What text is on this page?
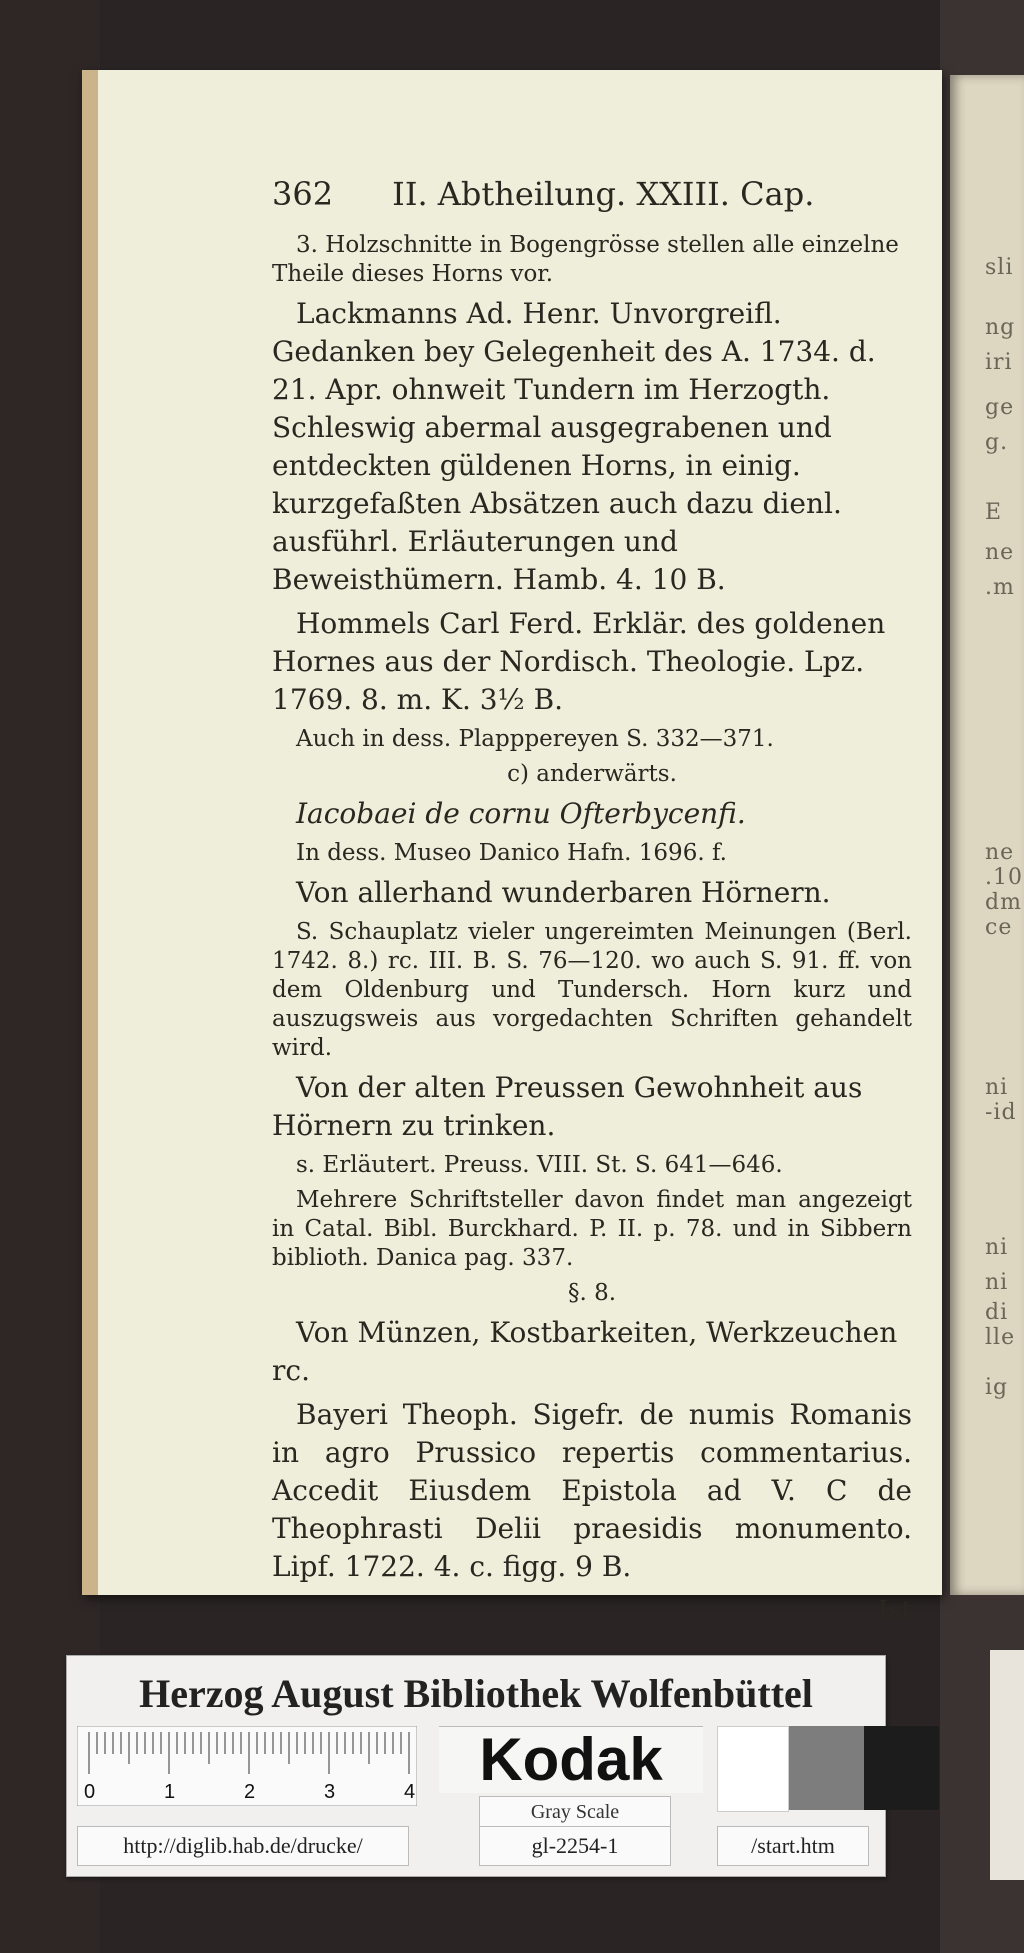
362 II. Abtheilung. XXIII. Cap.

3. Holzschnitte in Bogengrösse stellen alle einzelne Theile dieses Horns vor.

Lackmanns Ad. Henr. Unvorgreifl. Gedanken bey Gelegenheit des A. 1734. d. 21. Apr. ohnweit Tundern im Herzogth. Schleswig abermal ausgegrabenen und entdeckten güldenen Horns, in einig. kurzgefaßten Absätzen auch dazu dienl. ausführl. Erläuterungen und Beweisthümern. Hamb. 4. 10 B.

Hommels Carl Ferd. Erklär. des goldenen Hornes aus der Nordisch. Theologie. Lpz. 1769. 8. m. K. 3½ B.

Auch in dess. Plapppereyen S. 332—371.

c) anderwärts.

Iacobaei de cornu Ofterbycenfi.

In dess. Museo Danico Hafn. 1696. f.

Von allerhand wunderbaren Hörnern.

S. Schauplatz vieler ungereimten Meinungen (Berl. 1742. 8.) rc. III. B. S. 76—120. wo auch S. 91. ff. von dem Oldenburg und Tundersch. Horn kurz und auszugsweis aus vorgedachten Schriften gehandelt wird.

Von der alten Preussen Gewohnheit aus Hörnern zu trinken.

s. Erläutert. Preuss. VIII. St. S. 641—646.

Mehrere Schriftsteller davon findet man angezeigt in Catal. Bibl. Burckhard. P. II. p. 78. und in Sibbern biblioth. Danica pag. 337.

§. 8.

Von Münzen, Kostbarkeiten, Werkzeuchen rc.

Bayeri Theoph. Sigefr. de numis Romanis in agro Prussico repertis commentarius. Accedit Eiusdem Epistola ad V. C de Theophrasti Delii praesidis monumento. Lipf. 1722. 4. c. figg. 9 B.

Ist

sli
ng
iri
ge
g.
E
ne
.m
ne
.10
dm
ce
ni
ni
-id
ni
di
lle
ig
Herzog August Bibliothek Wolfenbüttel
0	1	2	3	4	Kodak
Gray Scale
http://diglib.hab.de/drucke/	gl-2254-1	/start.htm
